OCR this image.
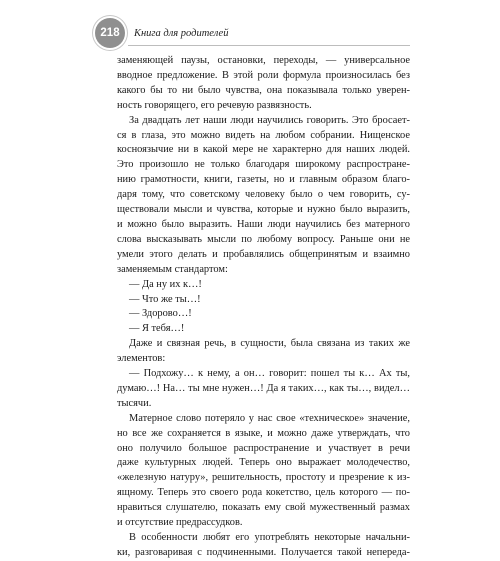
218	Книга для родителей
заменяющей паузы, остановки, переходы, — универсальное
вводное предложение. В этой роли формула произносилась без
какого бы то ни было чувства, она показывала только уверен-
ность говорящего, его речевую развязность.
За двадцать лет наши люди научились говорить. Это бросает-
ся в глаза, это можно видеть на любом собрании. Нищенское
косноязычие ни в какой мере не характерно для наших людей.
Это произошло не только благодаря широкому распростране-
нию грамотности, книги, газеты, но и главным образом благо-
даря тому, что советскому человеку было о чем говорить, су-
ществовали мысли и чувства, которые и нужно было выразить,
и можно было выразить. Наши люди научились без матерного
слова высказывать мысли по любому вопросу. Раньше они не
умели этого делать и пробавлялись общепринятым и взаимно
заменяемым стандартом:
— Да ну их к…!
— Что же ты…!
— Здорово…!
— Я тебя…!
Даже и связная речь, в сущности, была связана из таких же
элементов:
— Подхожу… к нему, а он… говорит: пошел ты к… Ах ты,
думаю…! На… ты мне нужен…! Да я таких…, как ты…, видел…
тысячи.
Матерное слово потеряло у нас свое «техническое» значение,
но все же сохраняется в языке, и можно даже утверждать, что
оно получило большое распространение и участвует в речи
даже культурных людей. Теперь оно выражает молодечество,
«железную натуру», решительность, простоту и презрение к из-
ящному. Теперь это своего рода кокетство, цель которого — по-
нравиться слушателю, показать ему свой мужественный размах
и отсутствие предрассудков.
В особенности любят его употреблять некоторые начальни-
ки, разговаривая с подчиненными. Получается такой непереда-
